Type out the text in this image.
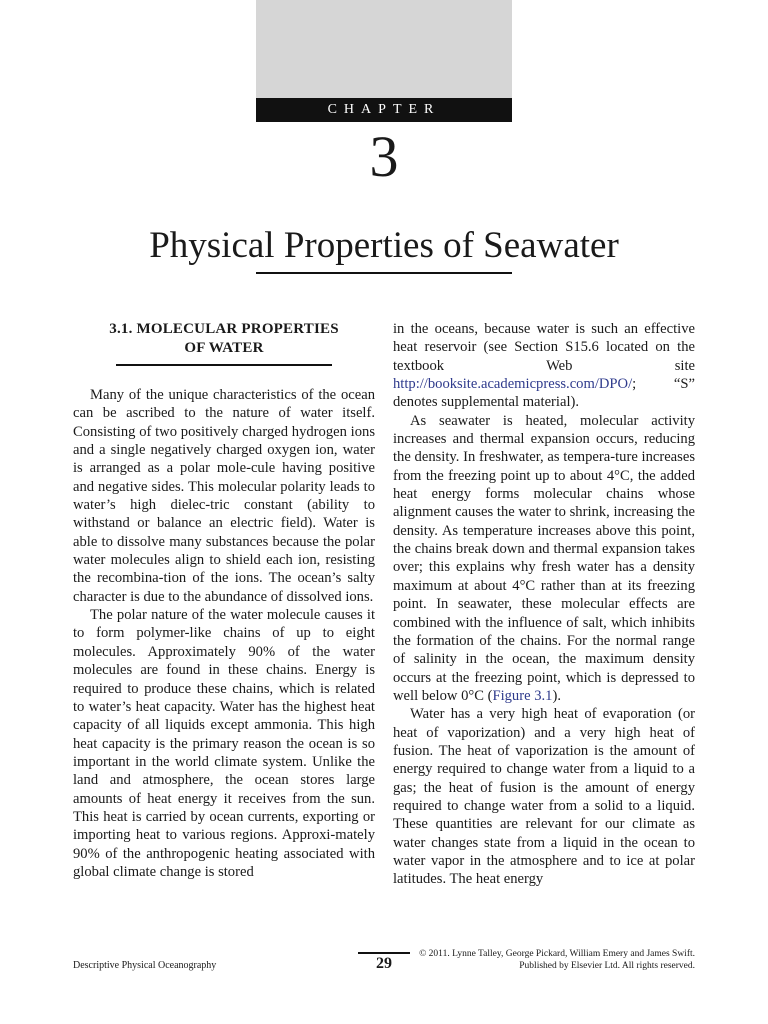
CHAPTER
3
Physical Properties of Seawater
3.1. MOLECULAR PROPERTIES
OF WATER

Many of the unique characteristics of the ocean can be ascribed to the nature of water itself. Consisting of two positively charged hydrogen ions and a single negatively charged oxygen ion, water is arranged as a polar mole-cule having positive and negative sides. This molecular polarity leads to water’s high dielec-tric constant (ability to withstand or balance an electric field). Water is able to dissolve many substances because the polar water molecules align to shield each ion, resisting the recombina-tion of the ions. The ocean’s salty character is due to the abundance of dissolved ions.

The polar nature of the water molecule causes it to form polymer-like chains of up to eight molecules. Approximately 90% of the water molecules are found in these chains. Energy is required to produce these chains, which is related to water’s heat capacity. Water has the highest heat capacity of all liquids except ammonia. This high heat capacity is the primary reason the ocean is so important in the world climate system. Unlike the land and atmosphere, the ocean stores large amounts of heat energy it receives from the sun. This heat is carried by ocean currents, exporting or importing heat to various regions. Approxi-mately 90% of the anthropogenic heating associated with global climate change is stored

in the oceans, because water is such an effective heat reservoir (see Section S15.6 located on the textbook Web site http://booksite.academicpress.com/DPO/; “S” denotes supplemental material).

As seawater is heated, molecular activity increases and thermal expansion occurs, reducing the density. In freshwater, as tempera-ture increases from the freezing point up to about 4°C, the added heat energy forms molecular chains whose alignment causes the water to shrink, increasing the density. As temperature increases above this point, the chains break down and thermal expansion takes over; this explains why fresh water has a density maximum at about 4°C rather than at its freezing point. In seawater, these molecular effects are combined with the influence of salt, which inhibits the formation of the chains. For the normal range of salinity in the ocean, the maximum density occurs at the freezing point, which is depressed to well below 0°C (Figure 3.1).

Water has a very high heat of evaporation (or heat of vaporization) and a very high heat of fusion. The heat of vaporization is the amount of energy required to change water from a liquid to a gas; the heat of fusion is the amount of energy required to change water from a solid to a liquid. These quantities are relevant for our climate as water changes state from a liquid in the ocean to water vapor in the atmosphere and to ice at polar latitudes. The heat energy

Descriptive Physical Oceanography	29
© 2011. Lynne Talley, George Pickard, William Emery and James Swift.
Published by Elsevier Ltd. All rights reserved.
